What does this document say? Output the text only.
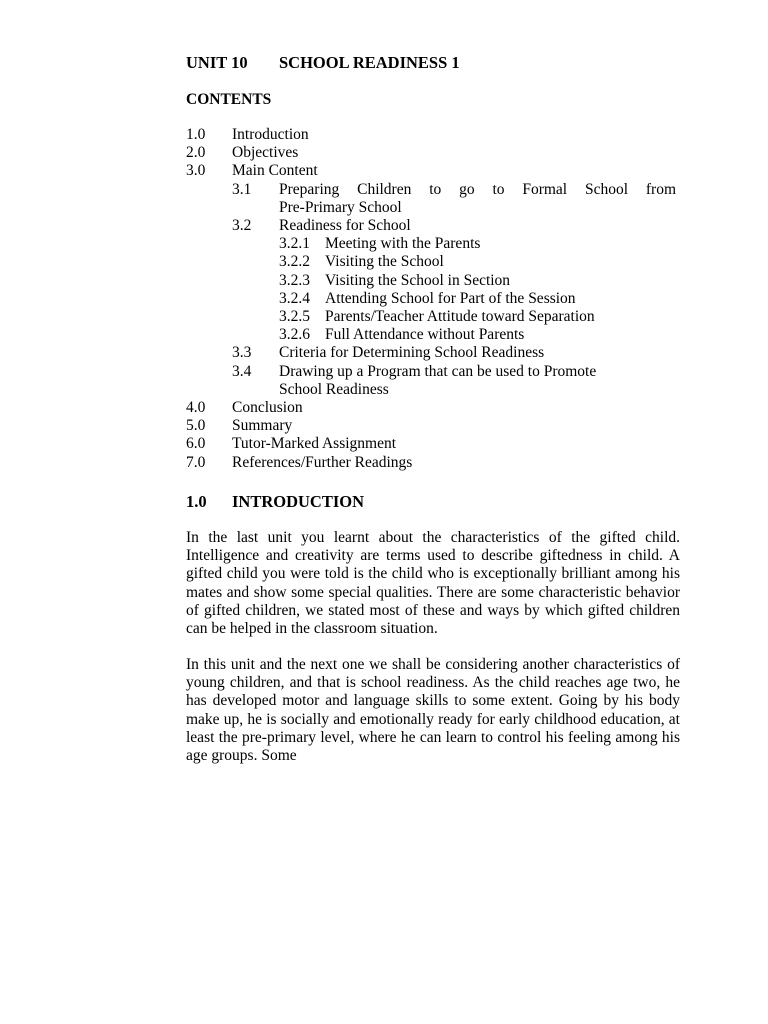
UNIT 10 SCHOOL READINESS 1
CONTENTS
1.0	Introduction
2.0	Objectives
3.0	Main Content
3.1 Preparing Children to go to Formal School from
Pre-Primary School
3.2	Readiness for School
3.2.1 Meeting with the Parents
3.2.2 Visiting the School
3.2.3 Visiting the School in Section
3.2.4 Attending School for Part of the Session
3.2.5 Parents/Teacher Attitude toward Separation
3.2.6 Full Attendance without Parents
3.3	Criteria for Determining School Readiness
3.4 Drawing up a Program that can be used to Promote
School Readiness
4.0	Conclusion
5.0	Summary
6.0	Tutor-Marked Assignment
7.0	References/Further Readings
1.0 INTRODUCTION

In the last unit you learnt about the characteristics of the gifted child. Intelligence and creativity are terms used to describe giftedness in child. A gifted child you were told is the child who is exceptionally brilliant among his mates and show some special qualities. There are some characteristic behavior of gifted children, we stated most of these and ways by which gifted children can be helped in the classroom situation.

In this unit and the next one we shall be considering another characteristics of young children, and that is school readiness. As the child reaches age two, he has developed motor and language skills to some extent. Going by his body make up, he is socially and emotionally ready for early childhood education, at least the pre-primary level, where he can learn to control his feeling among his age groups. Some
